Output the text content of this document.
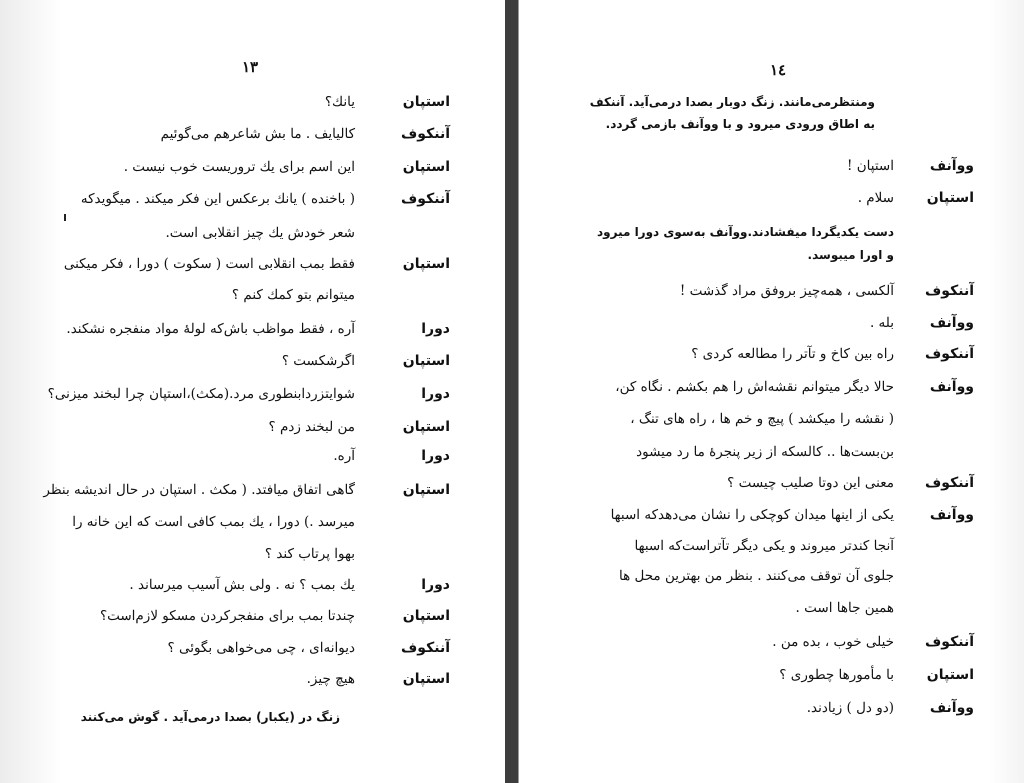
١٣
استپان
یانك؟
آننكوف
كاليايف . ما بش شاعرهم می‌گوئیم
استپان
این اسم برای یك تروریست خوب نیست .
آننكوف
( باخنده ) یانك برعکس این فکر میکند . میگویدكه
شعر خودش یك چیز انقلابی است.
استپان
فقط بمب انقلابی است ( سکوت ) دورا ، فکر میکنی
میتوانم بتو كمك كنم ؟
دورا
آره ، فقط مواظب باش‌كه لولهٔ مواد منفجره نشكند.
استپان
اگرشکست ؟
دورا
شوایتزردابنطوری مرد.(مکث)،استپان چرا لبخند میزنی؟
استپان
من لبخند زدم ؟
دورا
آره.
استپان
گاهی اتفاق میافتد. ( مکث . استپان در حال اندیشه بنظر
میرسد .) دورا ، یك بمب كافی است كه این خانه را
بهوا پرتاب كند ؟
دورا
یك بمب ؟ نه . ولی بش آسیب میرساند .
استپان
چندتا بمب برای منفجرکردن مسکو لازم‌است؟
آننكوف
دیوانه‌ای ، چی می‌خواهی بگوئی ؟
استپان
هیچ چیز.
زنگ در (یکبار) بصدا درمی‌آید . گوش می‌کنند
١٤
ومنتظرمی‌مانند. زنگ دوبار بصدا درمی‌آید. آننكف
به اطاق ورودی میرود و با ووآنف بازمی گردد.
ووآنف
استپان !
استپان
سلام .
دست یکدیگردا میفشادند.ووآنف به‌سوی دورا میرود
و اورا میبوسد.
آننكوف
آلکسی ، همه‌چیز بروفق مراد گذشت !
ووآنف
بله .
آننكوف
راه بین کاخ و تآتر را مطالعه کردی ؟
ووآنف
حالا دیگر میتوانم نقشه‌اش را هم بکشم . نگاه کن،
( نقشه را میکشد ) پیچ و خم ها ، راه های تنگ ،
بن‌بست‌ها .. کالسکه از زیر پنجرهٔ ما رد میشود
آننكوف
معنی این دوتا صلیب چیست ؟
ووآنف
یکی از اینها میدان کوچکی را نشان می‌دهدکه اسبها
آنجا کندتر میروند و یکی دیگر تآتراست‌که اسبها
جلوی آن توقف می‌کنند . بنظر من بهترین محل ها
همین جاها است .
آننكوف
خیلی خوب ، بده من .
استپان
با مأمورها چطوری ؟
ووآنف
(دو دل ) زیادند.
